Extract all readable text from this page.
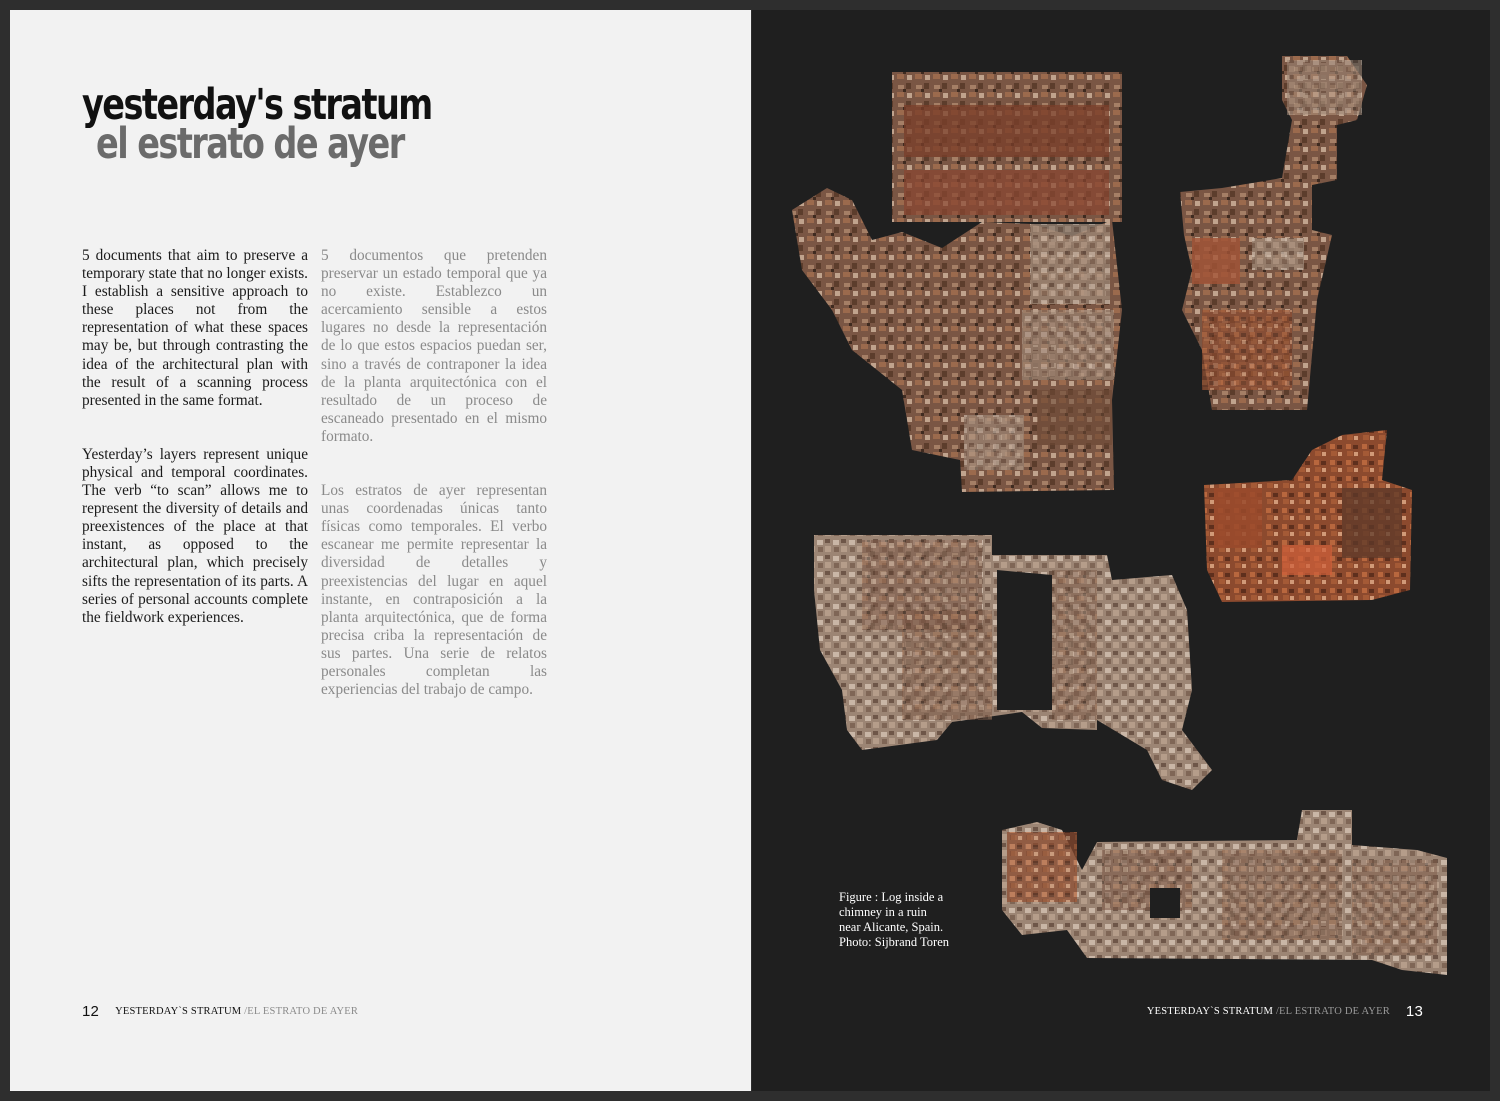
yesterday's stratum
el estrato de ayer

5 documents that aim to preserve a temporary state that no longer exists. I establish a sensitive approach to these places not from the representation of what these spaces may be, but through contrasting the idea of the architectural plan with the result of a scanning process presented in the same format.

Yesterday’s layers represent unique physical and temporal coordinates. The verb “to scan” allows me to represent the diversity of details and preexistences of the place at that instant, as opposed to the architectural plan, which precisely sifts the representation of its parts. A series of personal accounts complete the fieldwork experiences.

5 documentos que pretenden preservar un estado temporal que ya no existe. Establezco un acercamiento sensible a estos lugares no desde la representación de lo que estos espacios puedan ser, sino a través de contraponer la idea de la planta arquitectónica con el resultado de un proceso de escaneado presentado en el mismo formato.

Los estratos de ayer representan unas coordenadas únicas tanto físicas como temporales. El verbo escanear me permite representar la diversidad de detalles y preexistencias del lugar en aquel instante, en contraposición a la planta arquitectónica, que de forma precisa criba la representación de sus partes. Una serie de relatos personales completan las experiencias del trabajo de campo.

12 YESTERDAY`S STRATUM /EL ESTRATO DE AYER
Figure : Log inside a chimney in a ruin near Alicante, Spain. Photo: Sijbrand Toren
YESTERDAY`S STRATUM /EL ESTRATO DE AYER 13
